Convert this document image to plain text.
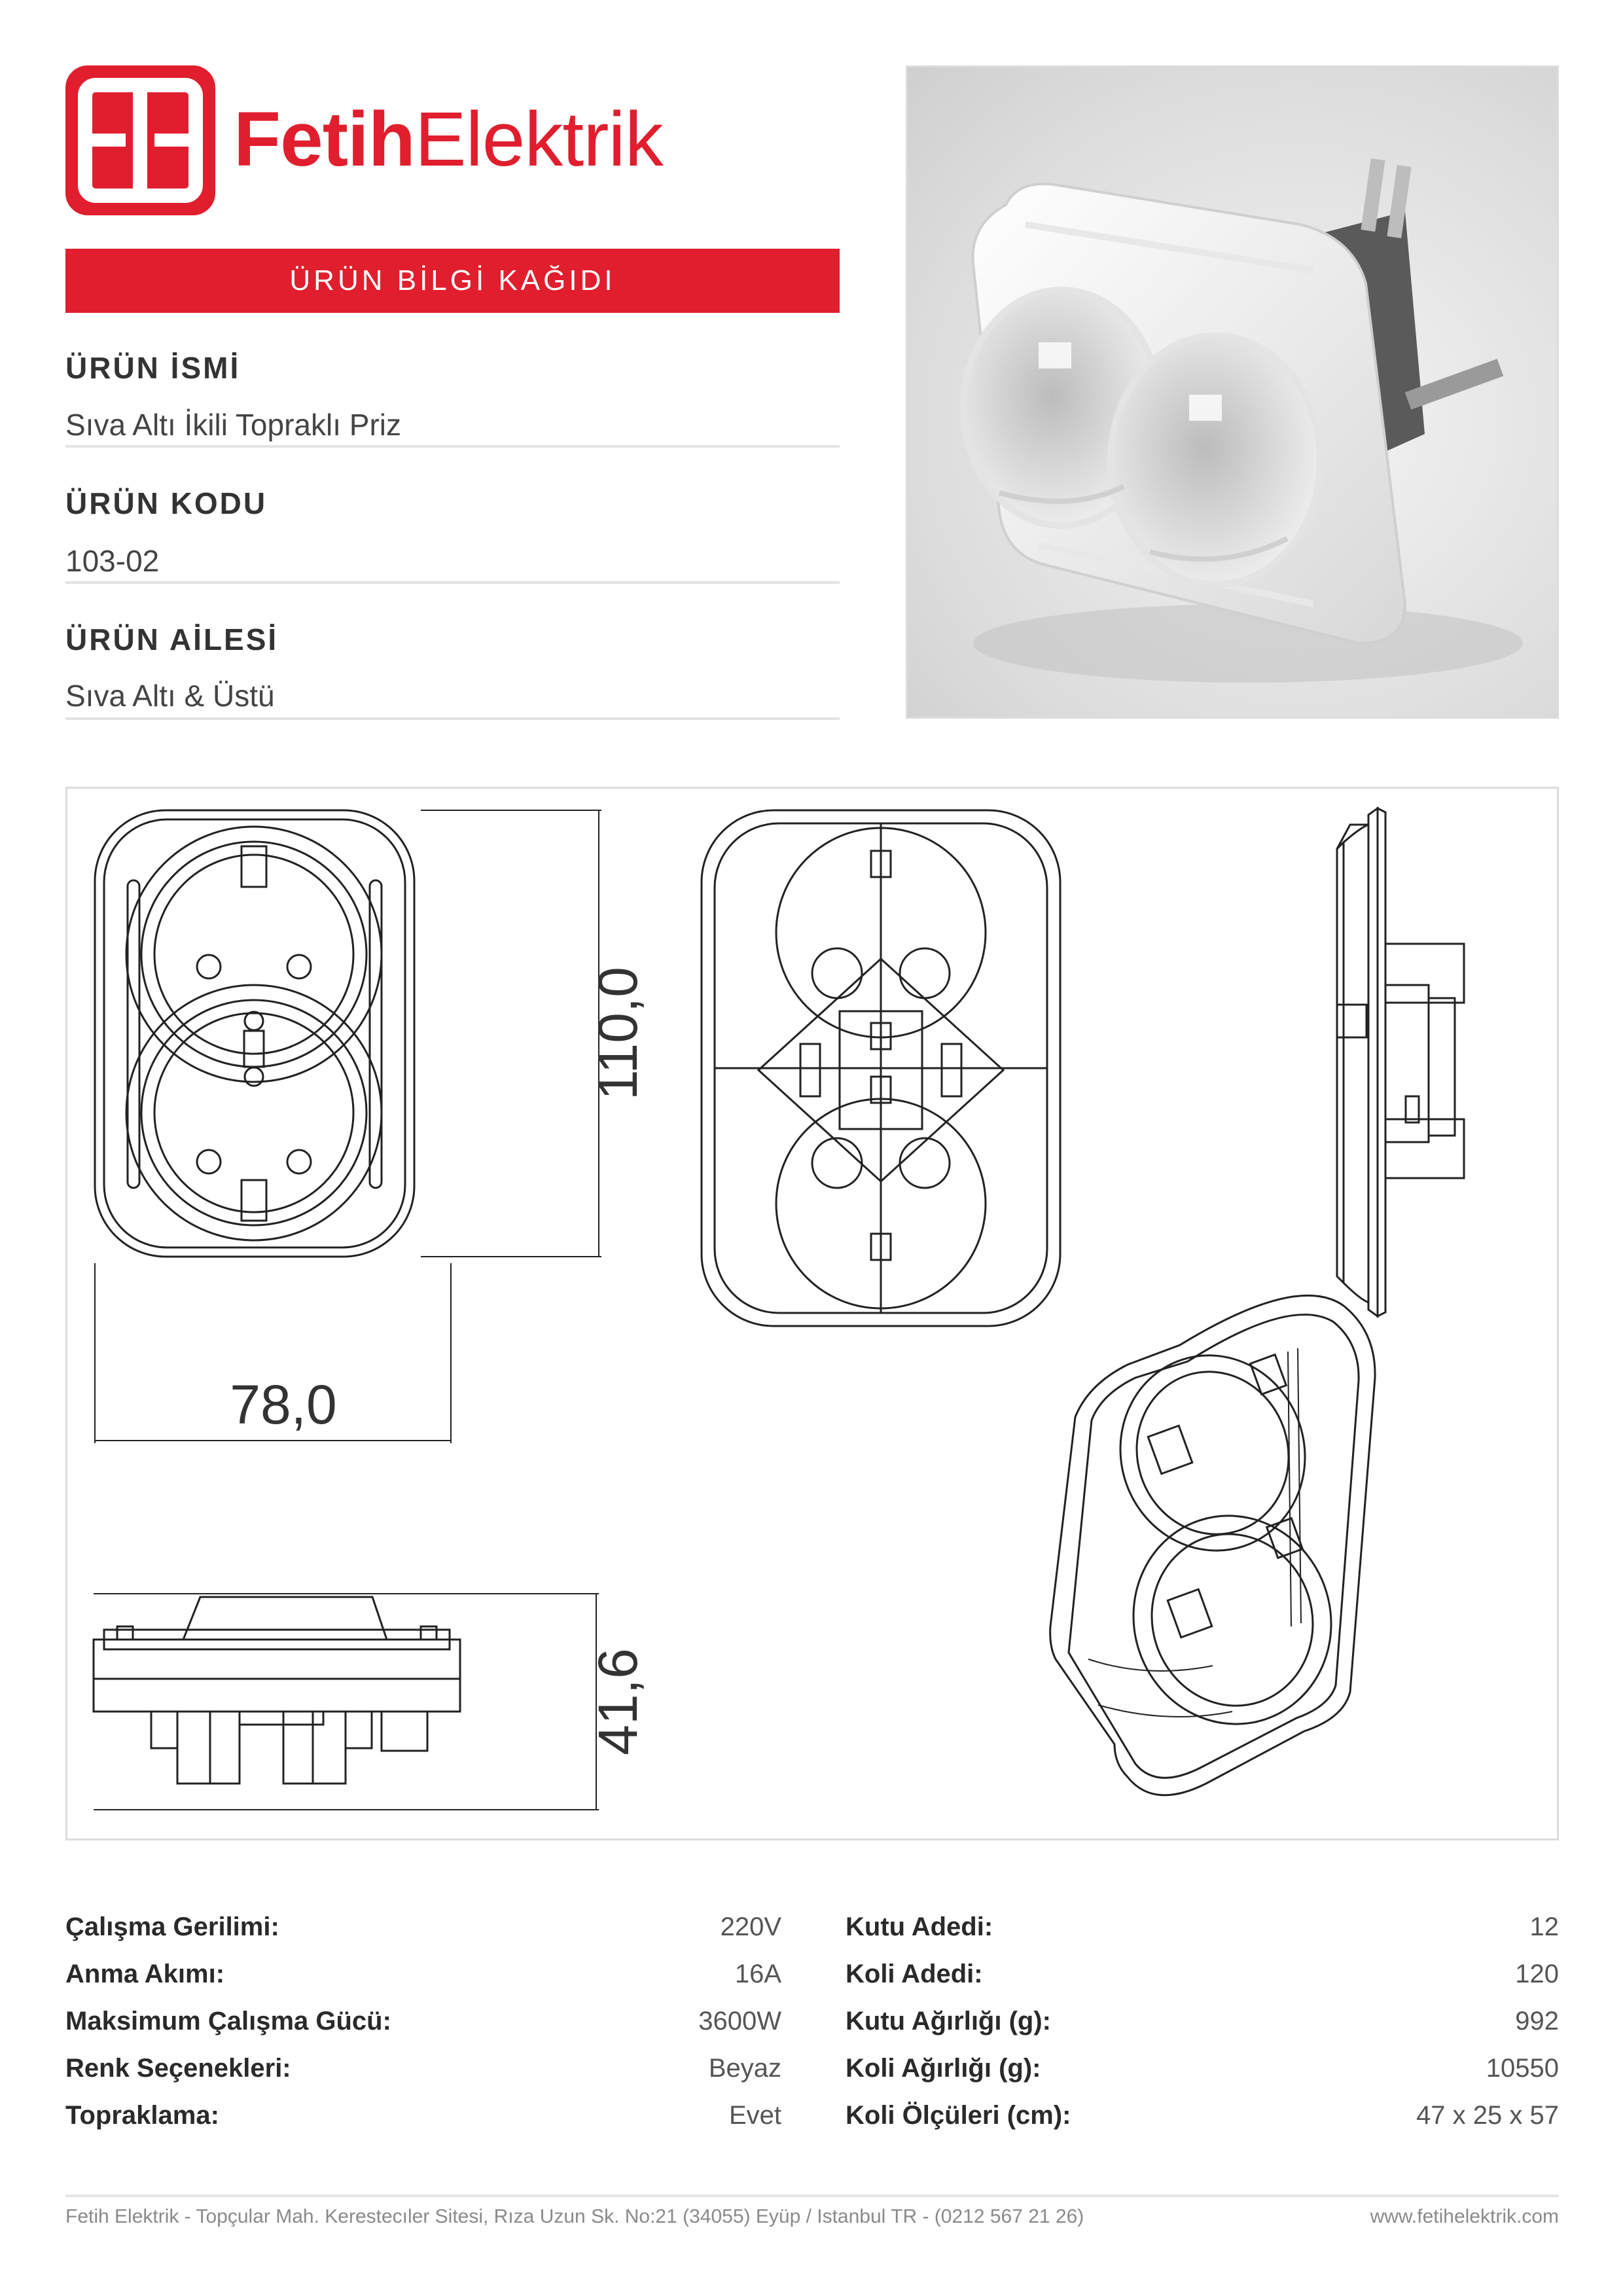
FetihElektrik
ÜRÜN BİLGİ KAĞIDI
ÜRÜN İSMİ
Sıva Altı İkili Topraklı Priz
ÜRÜN KODU
103-02
ÜRÜN AİLESİ
Sıva Altı & Üstü
110,0
78,0
41,6
Çalışma Gerilimi:	220V
Anma Akımı:	16A
Maksimum Çalışma Gücü:	3600W
Renk Seçenekleri:	Beyaz
Topraklama:	Evet
Kutu Adedi:	12
Koli Adedi:	120
Kutu Ağırlığı (g):	992
Koli Ağırlığı (g):	10550
Koli Ölçüleri (cm):	47 x 25 x 57
Fetih Elektrik - Topçular Mah. Kerestecıler Sitesi, Rıza Uzun Sk. No:21 (34055) Eyüp / Istanbul TR - (0212 567 21 26)	www.fetihelektrik.com
